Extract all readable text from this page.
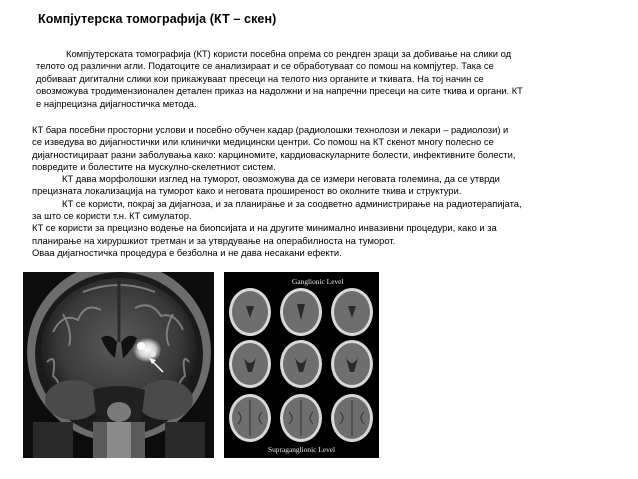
Компјутерска томографија (КТ – скен)
Компјутерската томографија (КТ) користи посебна опрема со рендген зраци за добивање на слики од
телото од различни агли. Податоците се анализираат и се обработуваат со помош на компјутер. Така се
добиваат дигитални слики кои прикажуваат пресеци на телото низ органите и ткивата. На тој начин се
овозможува тродимензионален детален приказ на надолжни и на напречни пресеци на сите ткива и органи. КТ
е најпрецизна дијагностичка метода.
КТ бара посебни просторни услови и посебно обучен кадар (радиолошки технолози и лекари – радиолози) и
се изведува во дијагностички или клинички медицински центри. Со помош на КТ скенот многу полесно се
дијагностицираат разни заболувања како: карциномите, кардиоваскуларните болести, инфективните болести,
повредите и болестите на мускулно-скелетниот систем.
КТ дава морфолошки изглед на туморот, овозможува да се измери неговата големина, да се утврди
прецизната локализација на туморот како и неговата проширеност во околните ткива и структури.
КТ се користи, покрај за дијагноза, и за планирање и за соодветно администрирање на радиотерапијата,
за што се користи т.н. КТ симулатор.
КТ се користи за прецизно водење на биопсијата и на другите минимално инвазивни процедури, како и за
планирање на хируршкиот третман и за утврдување на операбилноста на туморот.
Оваа дијагностичка процедура е безболна и не дава несакани ефекти.
Ganglionic Level
Supraganglionic Level
